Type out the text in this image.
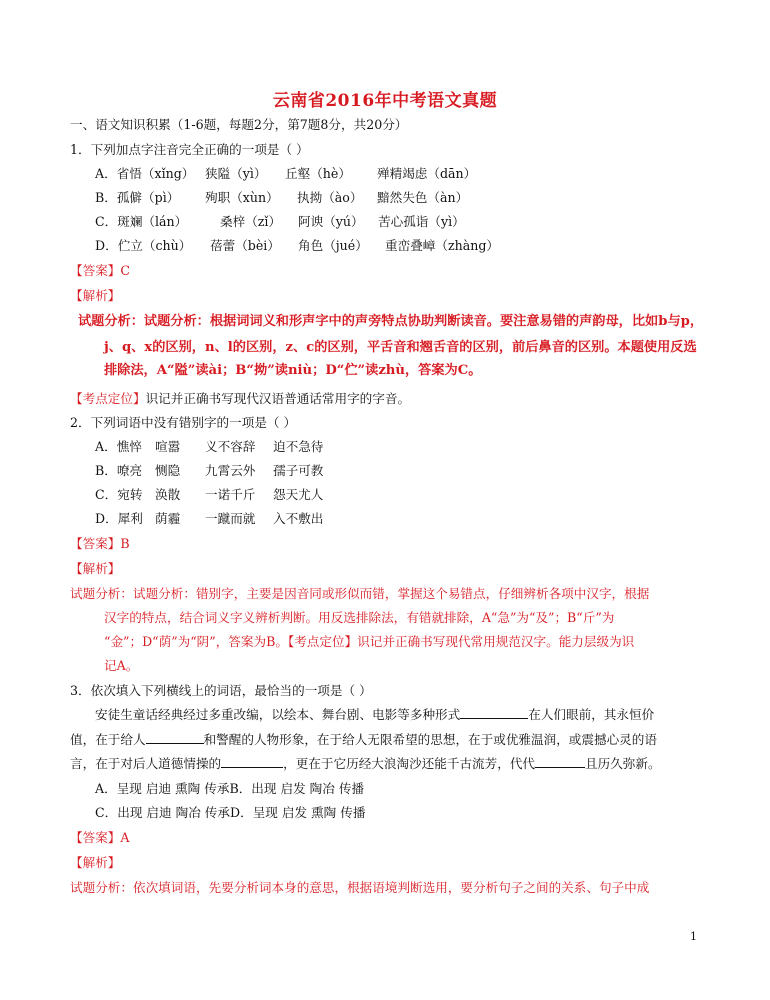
云南省2016年中考语文真题
一、语文知识积累（1-6题，每题2分，第7题8分，共20分）
1．下列加点字注音完全正确的一项是（ ）
A．省悟（xǐng） 狭隘（yì） 丘壑（hè） 殚精竭虑（dān）
B．孤僻（pì） 殉职（xùn） 执拗（ào） 黯然失色（àn）
C．斑斓（lán）	桑梓（zǐ） 阿谀（yú） 苦心孤诣（yì）
D．伫立（chù） 蓓蕾（bèi） 角色（jué） 重峦叠嶂（zhàng）
【答案】C
【解析】
试题分析：试题分析：根据词词义和形声字中的声旁特点协助判断读音。要注意易错的声韵母，比如b与p，
j、q、x的区别，n、l的区别，z、c的区别，平舌音和翘舌音的区别，前后鼻音的区别。本题使用反选
排除法，A“隘”读ài；B“拗”读niù；D“伫”读zhù，答案为C。
【考点定位】识记并正确书写现代汉语普通话常用字的字音。
2．下列词语中没有错别字的一项是（ ）
A．憔悴 喧嚣 义不容辞 迫不急待
B．嘹亮 恻隐 九霄云外 孺子可教
C．宛转 涣散 一诺千斤 怨天尤人
D．犀利 荫霾 一蹴而就 入不敷出
【答案】B
【解析】
试题分析：试题分析：错别字，主要是因音同或形似而错，掌握这个易错点，仔细辨析各项中汉字，根据
汉字的特点，结合词义字义辨析判断。用反选排除法，有错就排除，A“急”为“及”；B“斤”为
“金”；D“荫”为“阴”，答案为B。【考点定位】识记并正确书写现代常用规范汉字。能力层级为识
记A。
3．依次填入下列横线上的词语，最恰当的一项是（ ）
安徒生童话经典经过多重改编，以绘本、舞台剧、电影等多种形式	在人们眼前，其永恒价
值，在于给人	和警醒的人物形象，在于给人无限希望的思想，在于或优雅温润，或震撼心灵的语
言，在于对后人道德情操的	，更在于它历经大浪淘沙还能千古流芳，代代	且历久弥新。
A．呈现 启迪 熏陶 传承B．出现 启发 陶冶 传播
C．出现 启迪 陶冶 传承D．呈现 启发 熏陶 传播
【答案】A
【解析】
试题分析：依次填词语，先要分析词本身的意思，根据语境判断选用，要分析句子之间的关系、句子中成
1
